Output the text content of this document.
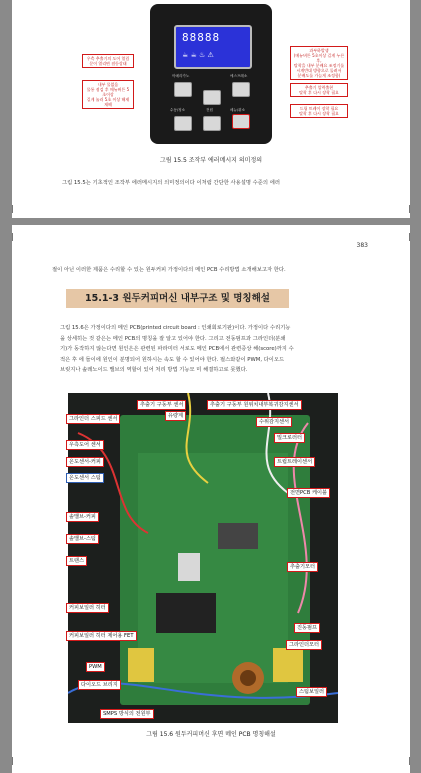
88888
☕ ☕ ♨ ⚠
아메리카노	에스프레소
수동/청소	전원	메뉴/취소
우측 추출기의 도어 열림
문이 열리면 점등상태
내부 물없음
물통 점검 후 메뉴버튼 5초이상
길게 눌러 5초 이상 해제 재해
과부하발생
(메뉴버튼 5초이상 길게 누른 후,
탈착을 내부 분배요 조정기를
시계반대 방향으로 돌려서
분배도를 가늠게 조정함)
추출기 압력출현
탈착 후 다시 장착 필요
드립 트레이 장착 필요
탈착 후 다시 장착 필요
그림 15.5 조작부 에러메시지 의미정의
그림 15.5는 기초적인 조작부 에러메시지의 의미정의이다 이처럼 간단한 사용설명 수준의 에러
383
절이 아닌 이러한 제품은 수리할 수 있는 원두커피 가정이다의 메인 PCB 수리방법 소개해보고자 한다.
15.1-3 원두커피머신 내부구조 및 명칭해설
그림 15.6은 가정이다의 메인 PCB(printed circuit board : 인쇄회로기판)이다. 가정이다 수리기능
을 상세히는 것 같은는 메인 PCB의 명칭을 잘 알고 있어야 한다. 그리고 전동펌프과 그라인더(분쇄
기)가 동작하지 않는다면 원인은은 관련된 파라미터 서로도 메인 PCB에서 관련증상 해(score)까지 수
적은 후 에 들이에 원인이 분명되어 원하시는 속도 할 수 있어야 한다. 펄스와같이 PWM, 다이오드
브릿지나 솔레노이드 밸브의 역할이 있어 처리 방법 기능모 미 해결하고로 못했다.
그라인더 스피드 센서
추출기 구동부 센서
유량계
추출기 구동부 원위치내부복귀감지센서
수위감지센서
밀크로러터
우측도어 센서
트립트레이센서
온도센서-커피
온도센서 스팀
전면PCB 케이블
솔밸브-커피
솔밸브-스팀
트랜스
추출기모터
커피보일러 히터
진동펌프
커피보일러 히터 제어용 FET
그라인더모터
PWM
다이오드 브리지
스팀보일러
SMPS 방식의 전원부
그림 15.6 원두커피머신 후면 메인 PCB 명칭해설
